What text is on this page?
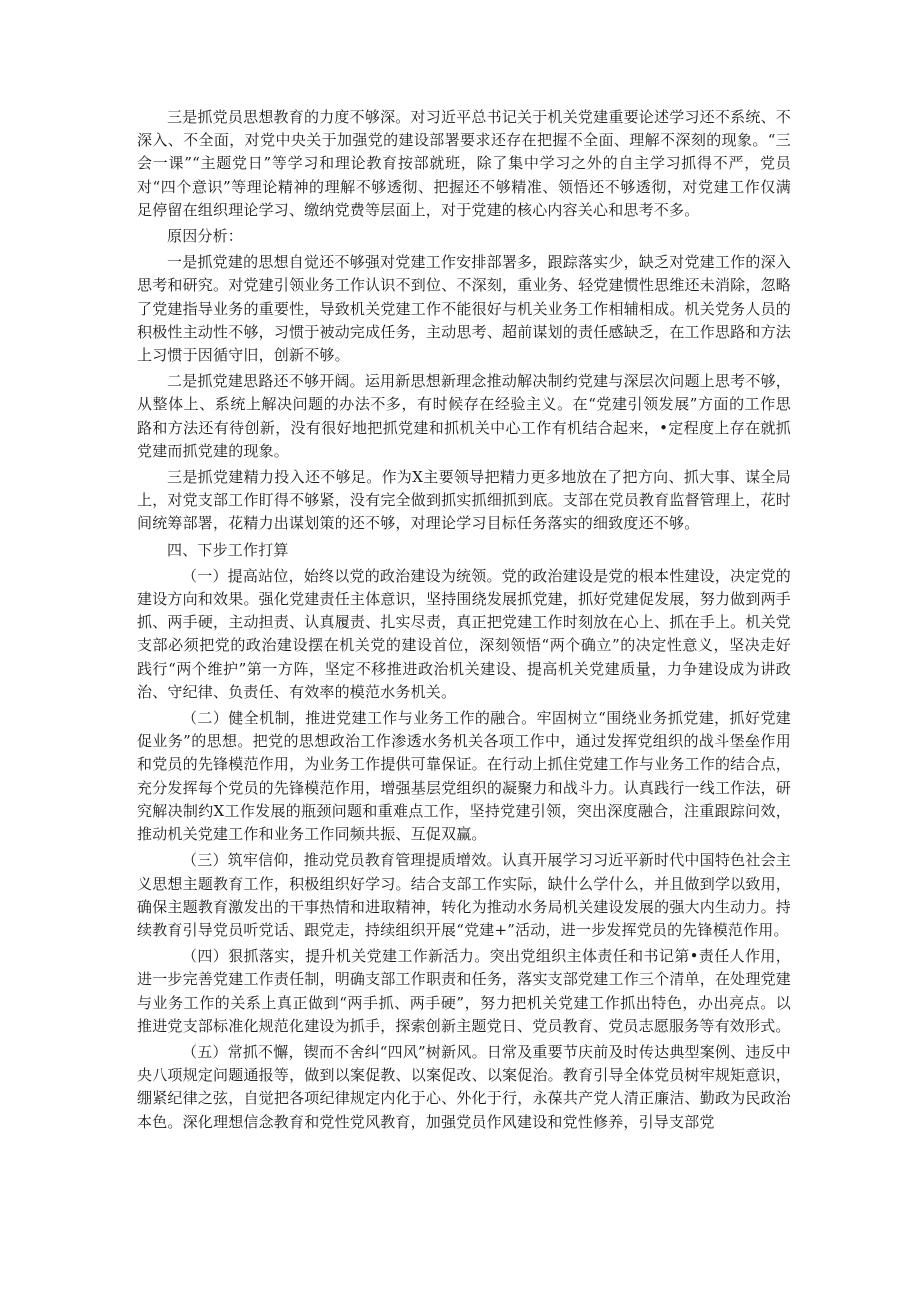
三是抓党员思想教育的力度不够深。对习近平总书记关于机关党建重要论述学习还不系统、不深入、不全面，对党中央关于加强党的建设部署要求还存在把握不全面、理解不深刻的现象。“三会一课”“主题党日”等学习和理论教育按部就班，除了集中学习之外的自主学习抓得不严，党员对“四个意识”等理论精神的理解不够透彻、把握还不够精准、领悟还不够透彻，对党建工作仅满足停留在组织理论学习、缴纳党费等层面上，对于党建的核心内容关心和思考不多。

原因分析：

一是抓党建的思想自觉还不够强对党建工作安排部署多，跟踪落实少，缺乏对党建工作的深入思考和研究。对党建引领业务工作认识不到位、不深刻，重业务、轻党建惯性思维还未消除，忽略了党建指导业务的重要性，导致机关党建工作不能很好与机关业务工作相辅相成。机关党务人员的积极性主动性不够，习惯于被动完成任务，主动思考、超前谋划的责任感缺乏，在工作思路和方法上习惯于因循守旧，创新不够。

二是抓党建思路还不够开阔。运用新思想新理念推动解决制约党建与深层次问题上思考不够，从整体上、系统上解决问题的办法不多，有时候存在经验主义。在“党建引领发展”方面的工作思路和方法还有待创新，没有很好地把抓党建和抓机关中心工作有机结合起来，•定程度上存在就抓党建而抓党建的现象。

三是抓党建精力投入还不够足。作为X主要领导把精力更多地放在了把方向、抓大事、谋全局上，对党支部工作盯得不够紧，没有完全做到抓实抓细抓到底。支部在党员教育监督管理上，花时间统筹部署，花精力出谋划策的还不够，对理论学习目标任务落实的细致度还不够。

四、下步工作打算

（一）提高站位，始终以党的政治建设为统领。党的政治建设是党的根本性建设，决定党的建设方向和效果。强化党建责任主体意识，坚持围绕发展抓党建，抓好党建促发展，努力做到两手抓、两手硬，主动担责、认真履责、扎实尽责，真正把党建工作时刻放在心上、抓在手上。机关党支部必须把党的政治建设摆在机关党的建设首位，深刻领悟“两个确立”的决定性意义，坚决走好践行“两个维护”第一方阵，坚定不移推进政治机关建设、提高机关党建质量，力争建设成为讲政治、守纪律、负责任、有效率的模范水务机关。

（二）健全机制，推进党建工作与业务工作的融合。牢固树立“围绕业务抓党建，抓好党建促业务”的思想。把党的思想政治工作渗透水务机关各项工作中，通过发挥党组织的战斗堡垒作用和党员的先锋模范作用，为业务工作提供可靠保证。在行动上抓住党建工作与业务工作的结合点，充分发挥每个党员的先锋模范作用，增强基层党组织的凝聚力和战斗力。认真践行一线工作法，研究解决制约X工作发展的瓶颈问题和重难点工作，坚持党建引领，突出深度融合，注重跟踪问效，推动机关党建工作和业务工作同频共振、互促双赢。

（三）筑牢信仰，推动党员教育管理提质增效。认真开展学习习近平新时代中国特色社会主义思想主题教育工作，积极组织好学习。结合支部工作实际，缺什么学什么，并且做到学以致用，确保主题教育激发出的干事热情和进取精神，转化为推动水务局机关建设发展的强大内生动力。持续教育引导党员听党话、跟党走，持续组织开展“党建+”活动，进一步发挥党员的先锋模范作用。

（四）狠抓落实，提升机关党建工作新活力。突出党组织主体责任和书记第•责任人作用，进一步完善党建工作责任制，明确支部工作职责和任务，落实支部党建工作三个清单，在处理党建与业务工作的关系上真正做到“两手抓、两手硬”，努力把机关党建工作抓出特色，办出亮点。以推进党支部标准化规范化建设为抓手，探索创新主题党日、党员教育、党员志愿服务等有效形式。

（五）常抓不懈，锲而不舍纠“四风”树新风。日常及重要节庆前及时传达典型案例、违反中央八项规定问题通报等，做到以案促教、以案促改、以案促治。教育引导全体党员树牢规矩意识，绷紧纪律之弦，自觉把各项纪律规定内化于心、外化于行，永葆共产党人清正廉洁、勤政为民政治本色。深化理想信念教育和党性党风教育，加强党员作风建设和党性修养，引导支部党
